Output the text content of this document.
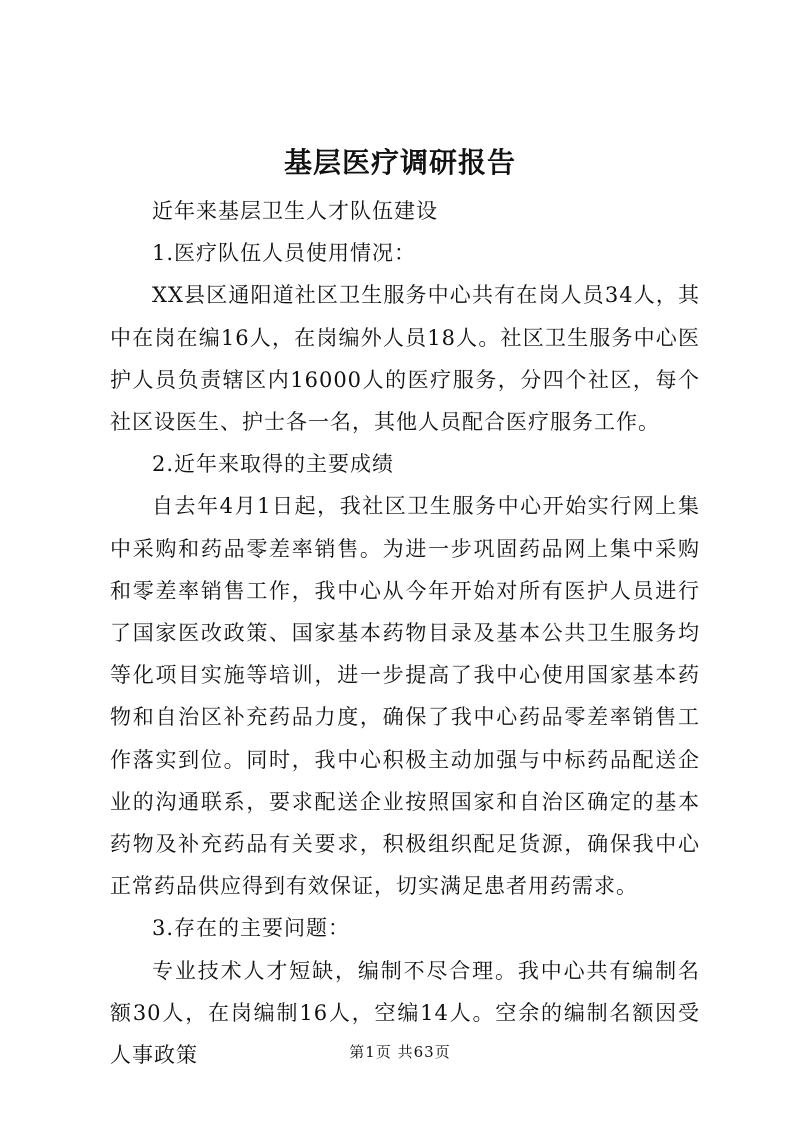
基层医疗调研报告

近年来基层卫生人才队伍建设

1.医疗队伍人员使用情况：

XX县区通阳道社区卫生服务中心共有在岗人员34人，其中在岗在编16人，在岗编外人员18人。社区卫生服务中心医护人员负责辖区内16000人的医疗服务，分四个社区，每个社区设医生、护士各一名，其他人员配合医疗服务工作。

2.近年来取得的主要成绩

自去年4月1日起，我社区卫生服务中心开始实行网上集中采购和药品零差率销售。为进一步巩固药品网上集中采购和零差率销售工作，我中心从今年开始对所有医护人员进行了国家医改政策、国家基本药物目录及基本公共卫生服务均等化项目实施等培训，进一步提高了我中心使用国家基本药物和自治区补充药品力度，确保了我中心药品零差率销售工作落实到位。同时，我中心积极主动加强与中标药品配送企业的沟通联系，要求配送企业按照国家和自治区确定的基本药物及补充药品有关要求，积极组织配足货源，确保我中心正常药品供应得到有效保证，切实满足患者用药需求。

3.存在的主要问题：

专业技术人才短缺，编制不尽合理。我中心共有编制名额30人，在岗编制16人，空编14人。空余的编制名额因受人事政策	第1页 共63页
